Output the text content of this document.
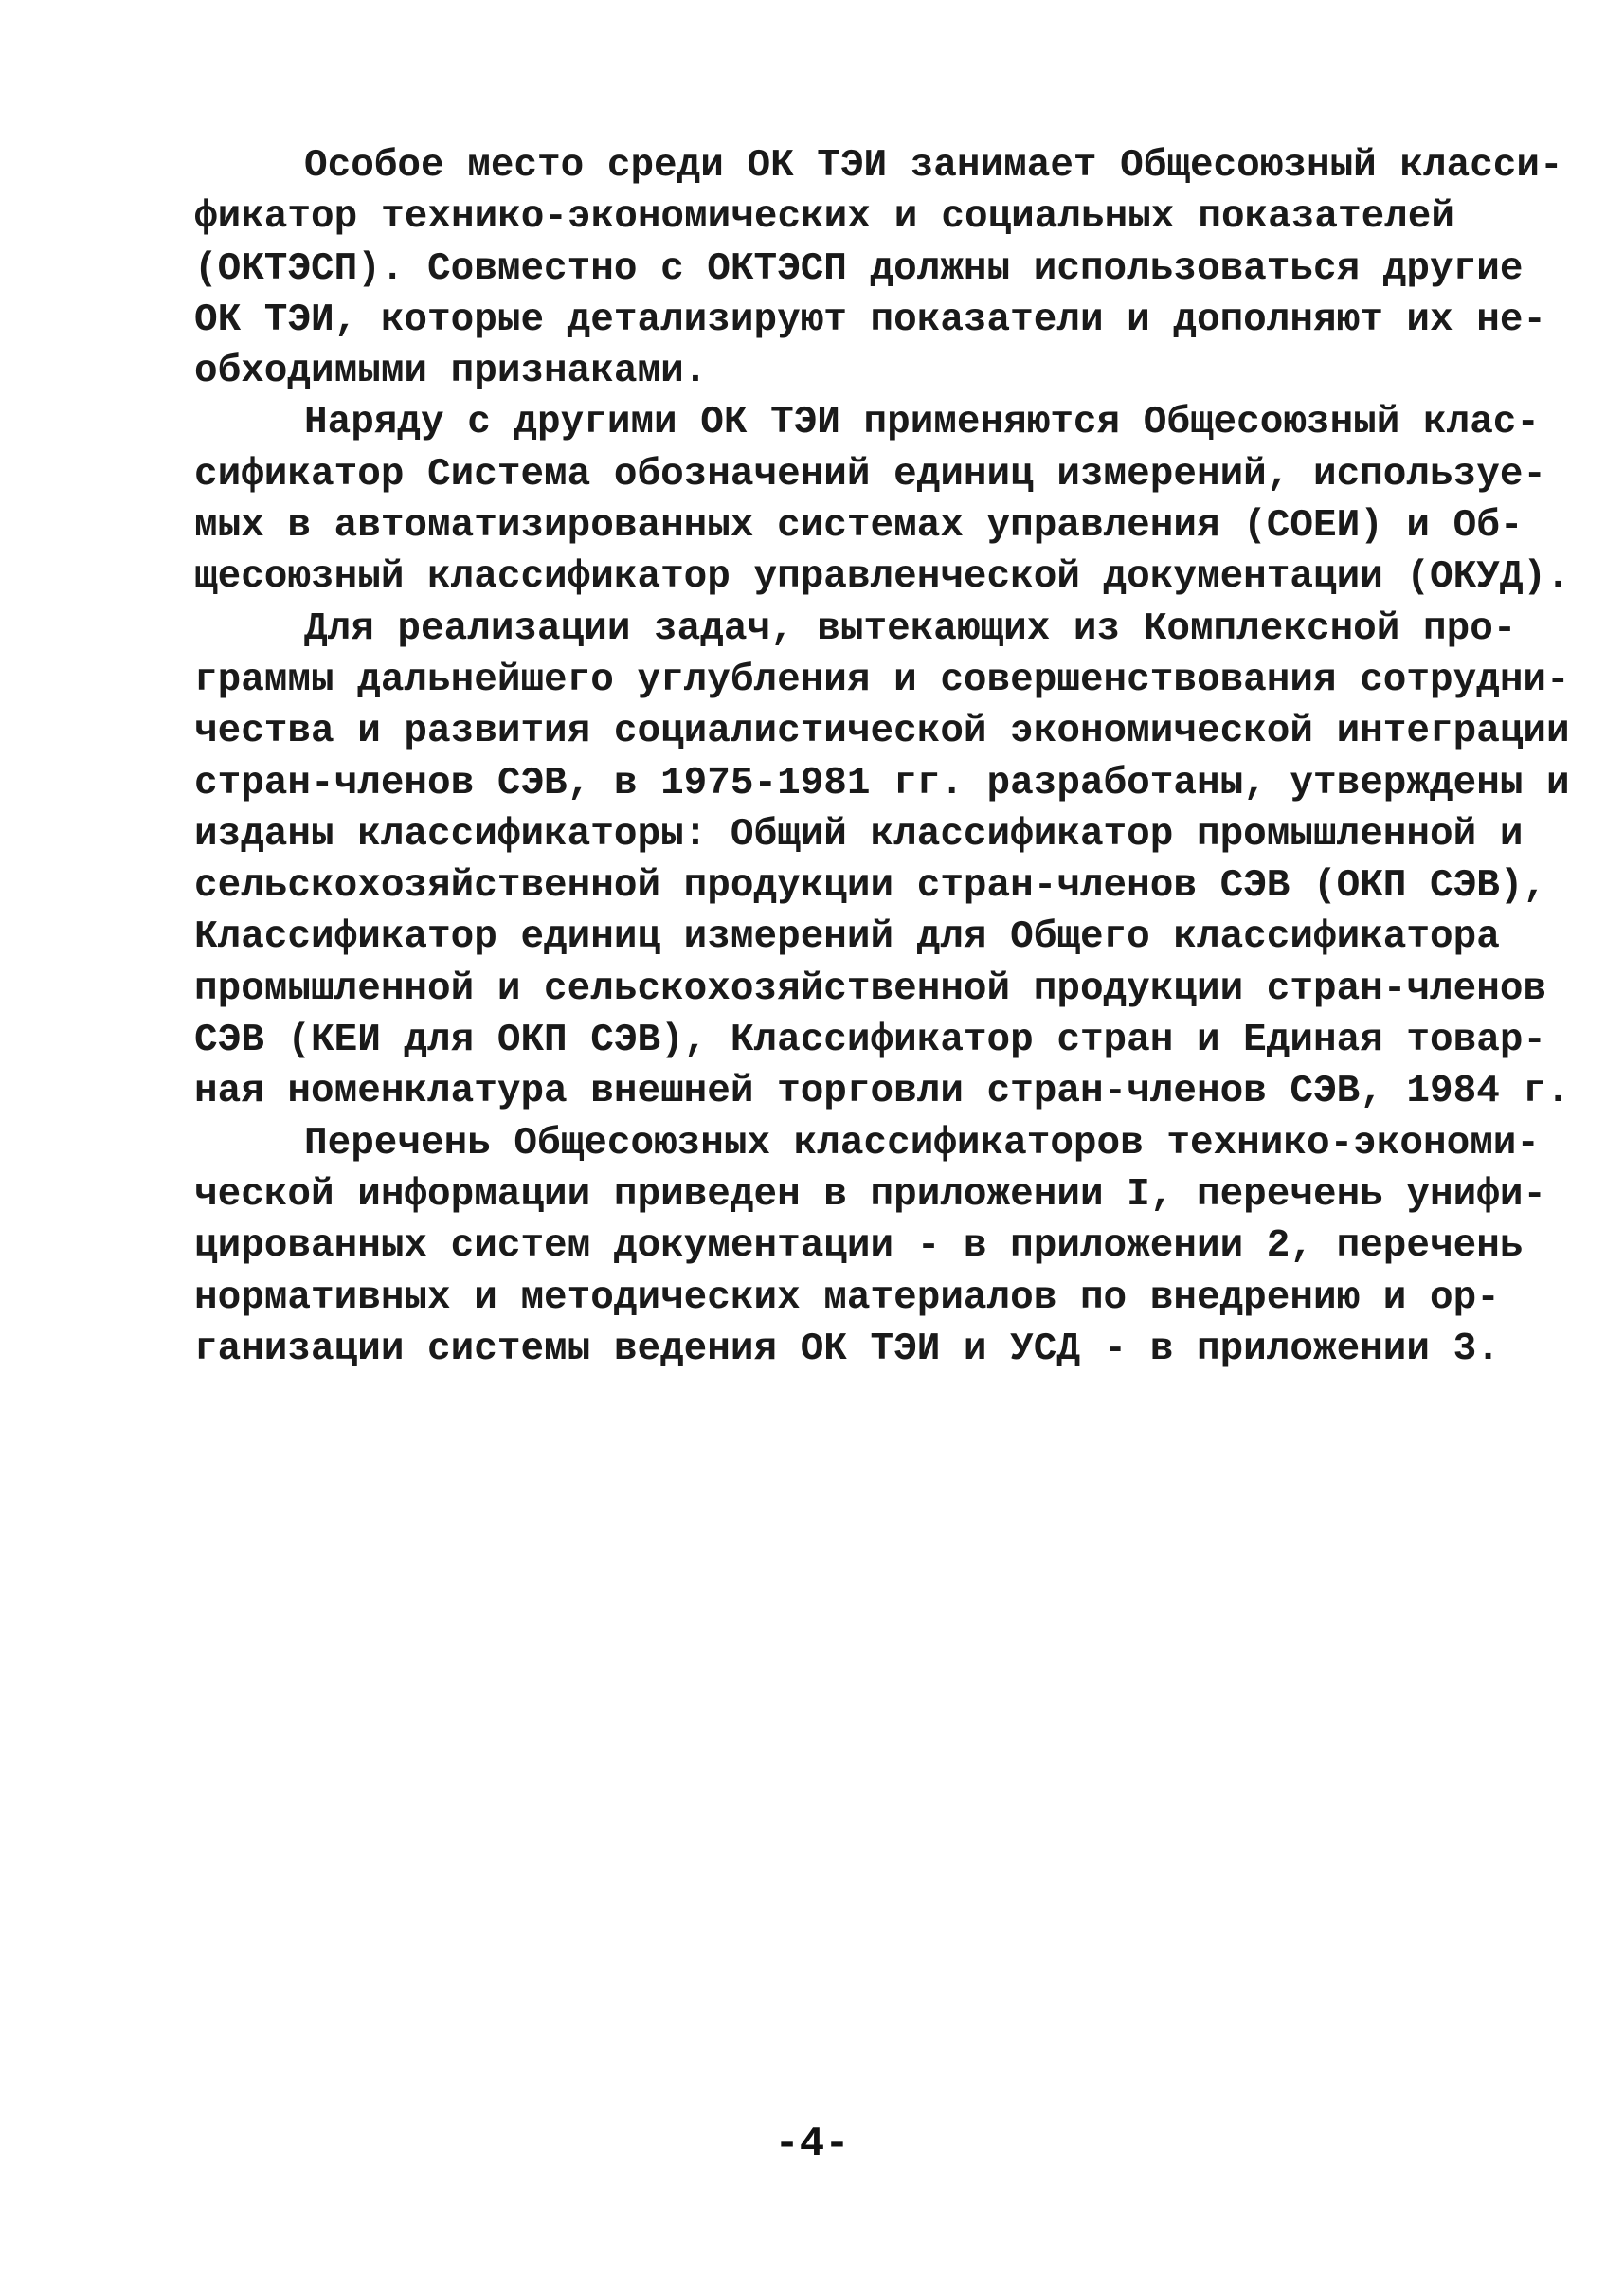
Особое место среди ОК ТЭИ занимает Общесоюзный класси-
фикатор технико-экономических и социальных показателей
(ОКТЭСП). Совместно с ОКТЭСП должны использоваться другие
ОК ТЭИ, которые детализируют показатели и дополняют их не-
обходимыми признаками.
Наряду с другими ОК ТЭИ применяются Общесоюзный клас-
сификатор Система обозначений единиц измерений, используе-
мых в автоматизированных системах управления (СОЕИ) и Об-
щесоюзный классификатор управленческой документации (ОКУД).
Для реализации задач, вытекающих из Комплексной про-
граммы дальнейшего углубления и совершенствования сотрудни-
чества и развития социалистической экономической интеграции
стран-членов СЭВ, в 1975-1981 гг. разработаны, утверждены и
изданы классификаторы: Общий классификатор промышленной и
сельскохозяйственной продукции стран-членов СЭВ (ОКП СЭВ),
Классификатор единиц измерений для Общего классификатора
промышленной и сельскохозяйственной продукции стран-членов
СЭВ (КЕИ для ОКП СЭВ), Классификатор стран и Единая товар-
ная номенклатура внешней торговли стран-членов СЭВ, 1984 г.
Перечень Общесоюзных классификаторов технико-экономи-
ческой информации приведен в приложении I, перечень унифи-
цированных систем документации - в приложении 2, перечень
нормативных и методических материалов по внедрению и ор-
ганизации системы ведения ОК ТЭИ и УСД - в приложении 3.
-4-
